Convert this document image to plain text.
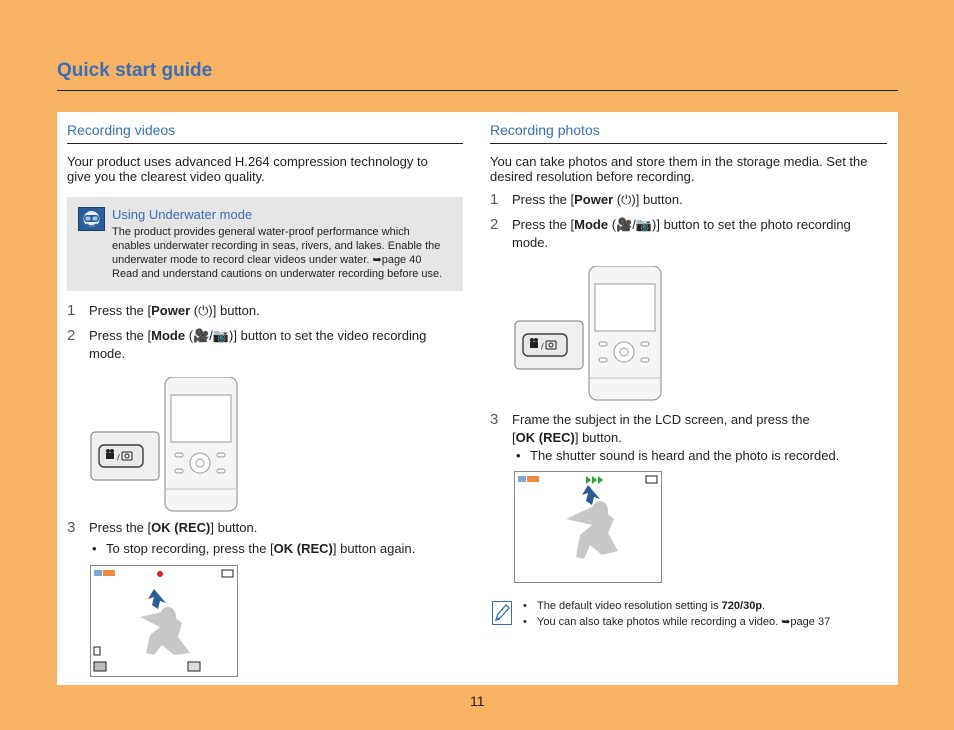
Quick start guide
Recording videos
Your product uses advanced H.264 compression technology to
give you the clearest video quality.
Using Underwater mode
The product provides general water-proof performance which
enables underwater recording in seas, rivers, and lakes. Enable the
underwater mode to record clear videos under water. ➥page 40
Read and understand cautions on underwater recording before use.
1 Press the [Power (⏻)] button.
2 Press the [Mode (🎥/📷)] button to set the video recording
mode.
/
3 Press the [OK (REC)] button.
• To stop recording, press the [OK (REC)] button again.
Recording photos
You can take photos and store them in the storage media. Set the
desired resolution before recording.
1 Press the [Power (⏻)] button.
2 Press the [Mode (🎥/📷)] button to set the photo recording
mode.
/
3 Frame the subject in the LCD screen, and press the
[OK (REC)] button.
• The shutter sound is heard and the photo is recorded.
• The default video resolution setting is 720/30p.
• You can also take photos while recording a video. ➥page 37
11
